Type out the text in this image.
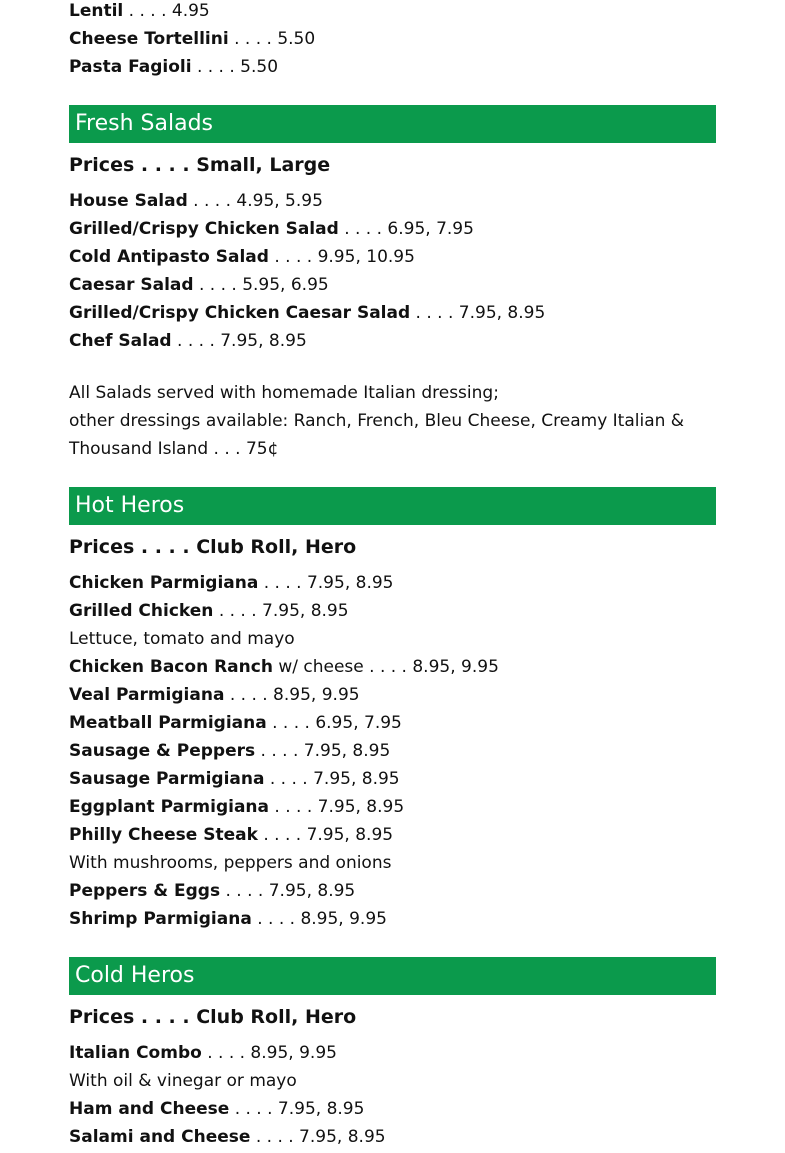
Lentil . . . . 4.95
Cheese Tortellini . . . . 5.50
Pasta Fagioli . . . . 5.50
Fresh Salads
Prices . . . . Small, Large
House Salad . . . . 4.95, 5.95
Grilled/Crispy Chicken Salad . . . . 6.95, 7.95
Cold Antipasto Salad . . . . 9.95, 10.95
Caesar Salad . . . . 5.95, 6.95
Grilled/Crispy Chicken Caesar Salad . . . . 7.95, 8.95
Chef Salad . . . . 7.95, 8.95
All Salads served with homemade Italian dressing;
other dressings available: Ranch, French, Bleu Cheese, Creamy Italian &
Thousand Island . . . 75¢
Hot Heros
Prices . . . . Club Roll, Hero
Chicken Parmigiana . . . . 7.95, 8.95
Grilled Chicken . . . . 7.95, 8.95
Lettuce, tomato and mayo
Chicken Bacon Ranch w/ cheese . . . . 8.95, 9.95
Veal Parmigiana . . . . 8.95, 9.95
Meatball Parmigiana . . . . 6.95, 7.95
Sausage & Peppers . . . . 7.95, 8.95
Sausage Parmigiana . . . . 7.95, 8.95
Eggplant Parmigiana . . . . 7.95, 8.95
Philly Cheese Steak . . . . 7.95, 8.95
With mushrooms, peppers and onions
Peppers & Eggs . . . . 7.95, 8.95
Shrimp Parmigiana . . . . 8.95, 9.95
Cold Heros
Prices . . . . Club Roll, Hero
Italian Combo . . . . 8.95, 9.95
With oil & vinegar or mayo
Ham and Cheese . . . . 7.95, 8.95
Salami and Cheese . . . . 7.95, 8.95
